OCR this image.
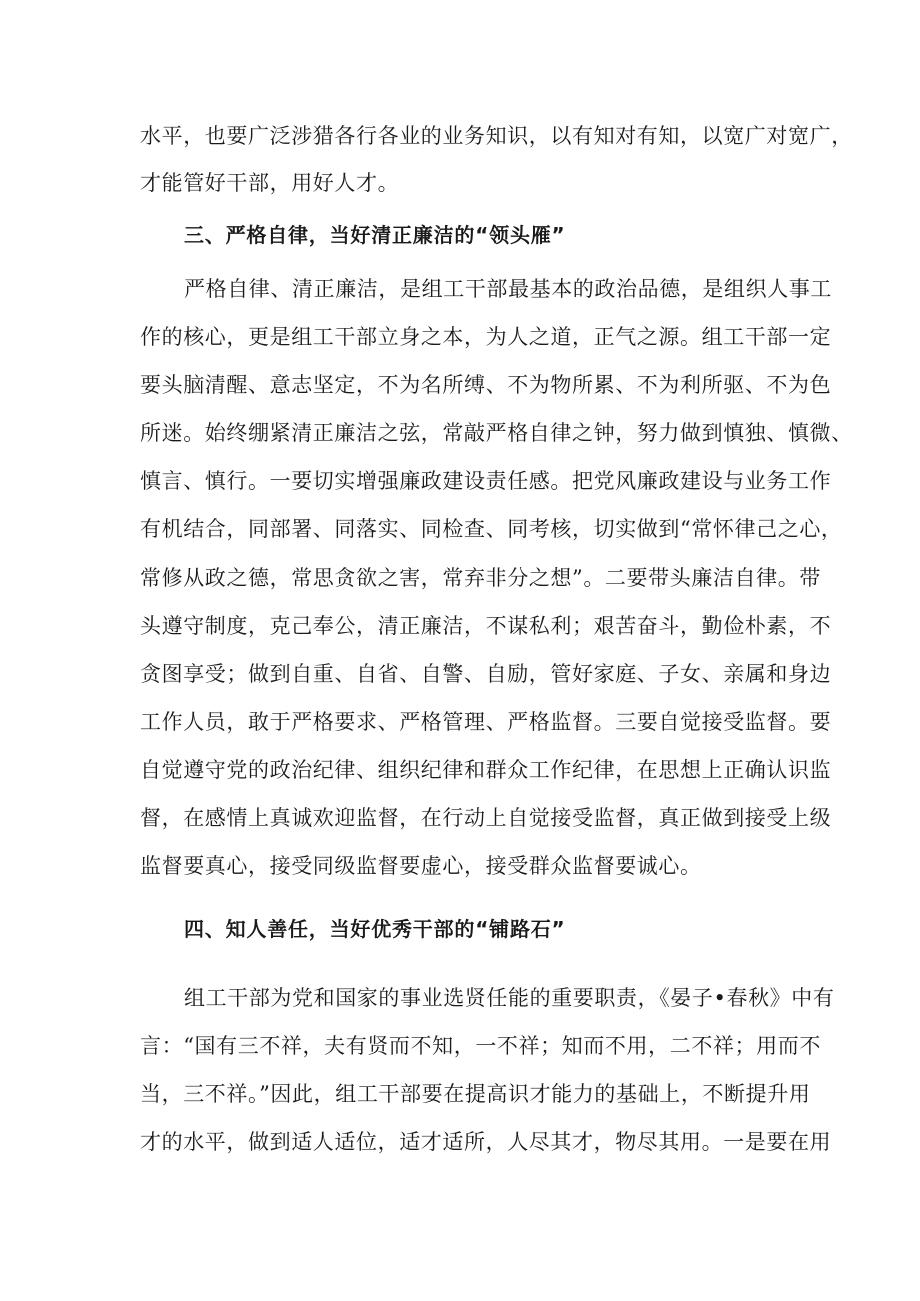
水平，也要广泛涉猎各行各业的业务知识，以有知对有知，以宽广对宽广，
才能管好干部，用好人才。
三、严格自律，当好清正廉洁的“领头雁”
严格自律、清正廉洁，是组工干部最基本的政治品德，是组织人事工
作的核心，更是组工干部立身之本，为人之道，正气之源。组工干部一定
要头脑清醒、意志坚定，不为名所缚、不为物所累、不为利所驱、不为色
所迷。始终绷紧清正廉洁之弦，常敲严格自律之钟，努力做到慎独、慎微、
慎言、慎行。一要切实增强廉政建设责任感。把党风廉政建设与业务工作
有机结合，同部署、同落实、同检查、同考核，切实做到“常怀律己之心，
常修从政之德，常思贪欲之害，常弃非分之想”。二要带头廉洁自律。带
头遵守制度，克己奉公，清正廉洁，不谋私利；艰苦奋斗，勤俭朴素，不
贪图享受；做到自重、自省、自警、自励，管好家庭、子女、亲属和身边
工作人员，敢于严格要求、严格管理、严格监督。三要自觉接受监督。要
自觉遵守党的政治纪律、组织纪律和群众工作纪律，在思想上正确认识监
督，在感情上真诚欢迎监督，在行动上自觉接受监督，真正做到接受上级
监督要真心，接受同级监督要虚心，接受群众监督要诚心。
四、知人善任，当好优秀干部的“铺路石”
组工干部为党和国家的事业选贤任能的重要职责，《晏子•春秋》中有
言：“国有三不祥，夫有贤而不知，一不祥；知而不用，二不祥；用而不
当，三不祥。”因此，组工干部要在提高识才能力的基础上，不断提升用
才的水平，做到适人适位，适才适所，人尽其才，物尽其用。一是要在用
